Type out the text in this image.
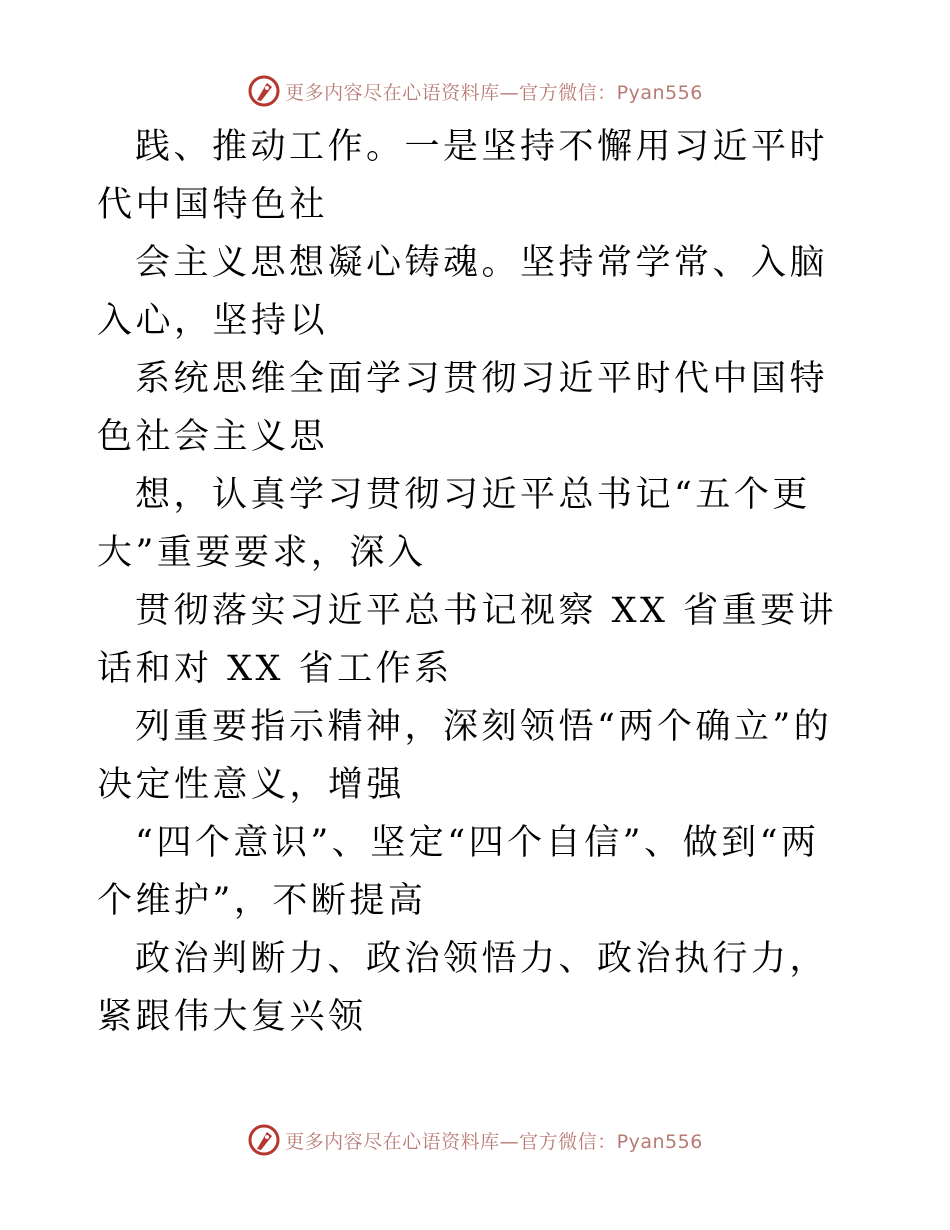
更多内容尽在心语资料库—官方微信：Pyan556

践、推动工作。一是坚持不懈用习近平时代中国特色社

会主义思想凝心铸魂。坚持常学常、入脑入心，坚持以

系统思维全面学习贯彻习近平时代中国特色社会主义思

想，认真学习贯彻习近平总书记“五个更大”重要要求，深入

贯彻落实习近平总书记视察 XX 省重要讲话和对 XX 省工作系

列重要指示精神，深刻领悟“两个确立”的决定性意义，增强

“四个意识”、坚定“四个自信”、做到“两个维护”，不断提高

政治判断力、政治领悟力、政治执行力，紧跟伟大复兴领

更多内容尽在心语资料库—官方微信：Pyan556
